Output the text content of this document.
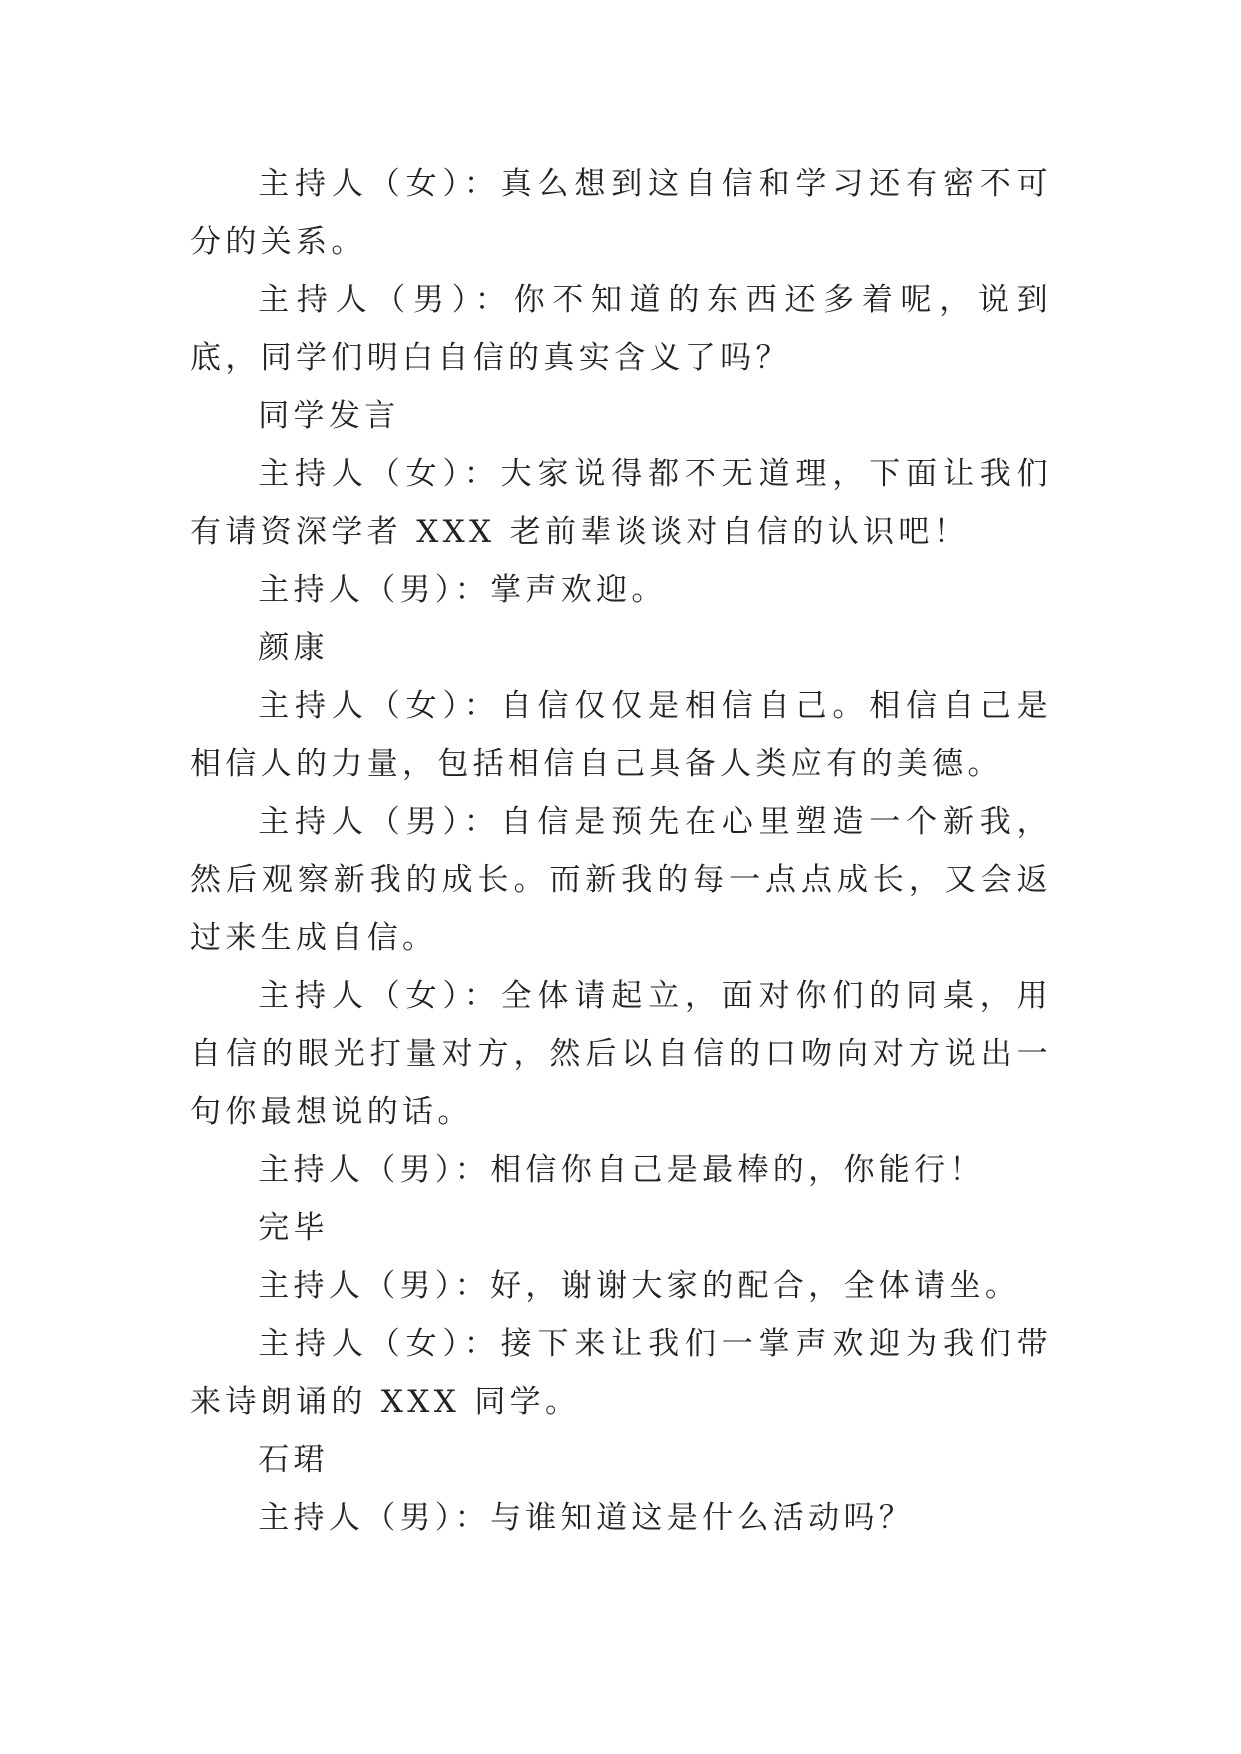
主持人（女）：真么想到这自信和学习还有密不可分的关系。

主持人（男）：你不知道的东西还多着呢，说到底，同学们明白自信的真实含义了吗？

同学发言

主持人（女）：大家说得都不无道理，下面让我们有请资深学者 XXX 老前辈谈谈对自信的认识吧！

主持人（男）：掌声欢迎。

颜康

主持人（女）：自信仅仅是相信自己。相信自己是相信人的力量，包括相信自己具备人类应有的美德。

主持人（男）：自信是预先在心里塑造一个新我，然后观察新我的成长。而新我的每一点点成长，又会返过来生成自信。

主持人（女）：全体请起立，面对你们的同桌，用自信的眼光打量对方，然后以自信的口吻向对方说出一句你最想说的话。

主持人（男）：相信你自己是最棒的，你能行！

完毕

主持人（男）：好，谢谢大家的配合，全体请坐。

主持人（女）：接下来让我们一掌声欢迎为我们带来诗朗诵的 XXX 同学。

石珺

主持人（男）：与谁知道这是什么活动吗？
